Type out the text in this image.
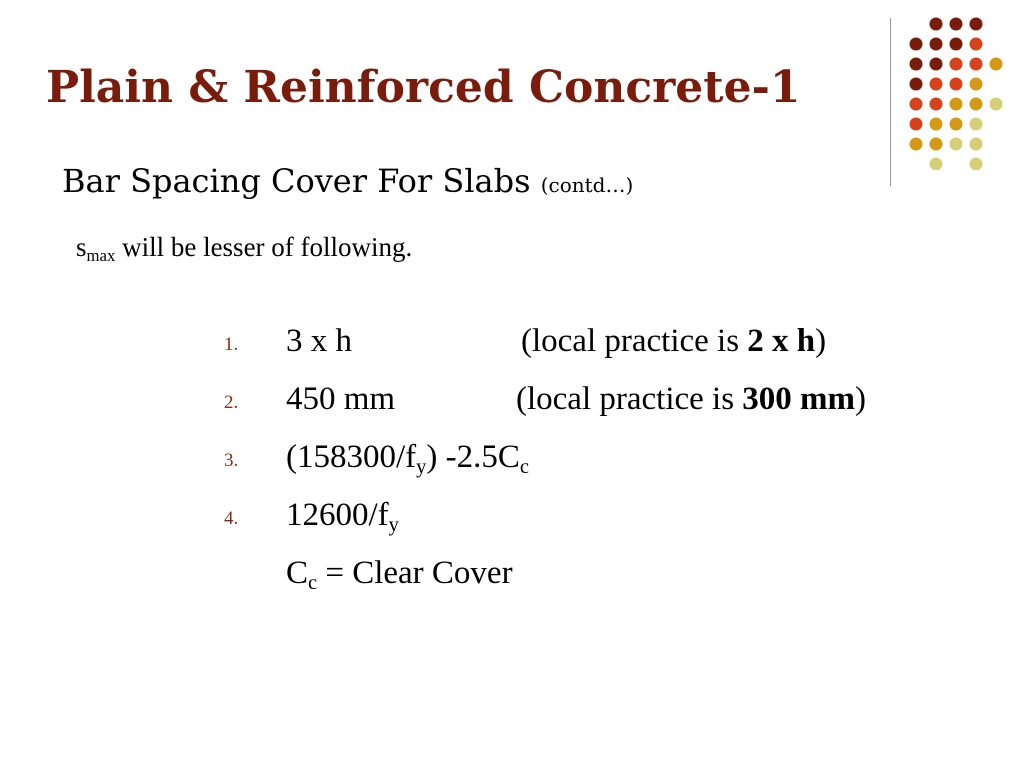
Plain & Reinforced Concrete-1
Bar Spacing Cover For Slabs (contd…)
$s_{max}$ will be lesser of following.
1. 3 x h	(local practice is 2 x h)
2. 450 mm	(local practice is 300 mm)
3. $(158300/f_y)$ $-2.5C_c$
4. $12600/f_y$
$C_c$ = Clear Cover
